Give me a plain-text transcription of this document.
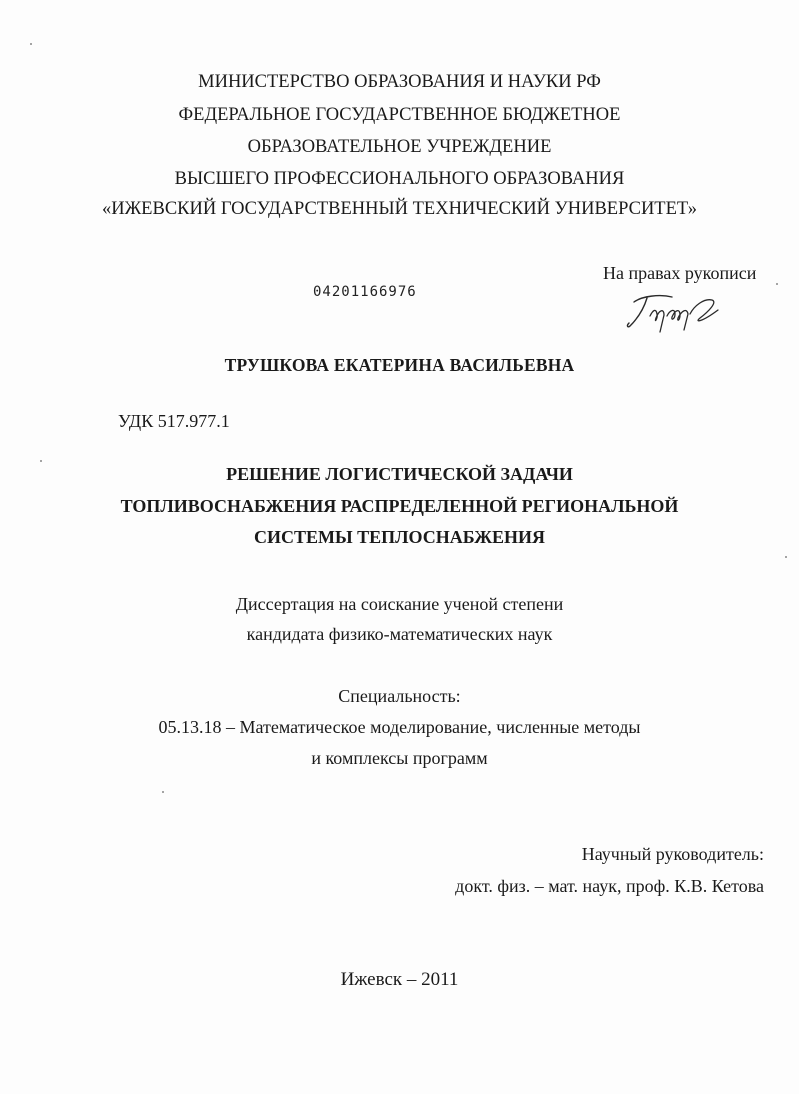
МИНИСТЕРСТВО ОБРАЗОВАНИЯ И НАУКИ РФ
ФЕДЕРАЛЬНОЕ ГОСУДАРСТВЕННОЕ БЮДЖЕТНОЕ
ОБРАЗОВАТЕЛЬНОЕ УЧРЕЖДЕНИЕ
ВЫСШЕГО ПРОФЕССИОНАЛЬНОГО ОБРАЗОВАНИЯ
«ИЖЕВСКИЙ ГОСУДАРСТВЕННЫЙ ТЕХНИЧЕСКИЙ УНИВЕРСИТЕТ»
На правах рукописи
04201166976
ТРУШКОВА ЕКАТЕРИНА ВАСИЛЬЕВНА
УДК 517.977.1
РЕШЕНИЕ ЛОГИСТИЧЕСКОЙ ЗАДАЧИ
ТОПЛИВОСНАБЖЕНИЯ РАСПРЕДЕЛЕННОЙ РЕГИОНАЛЬНОЙ
СИСТЕМЫ ТЕПЛОСНАБЖЕНИЯ
Диссертация на соискание ученой степени
кандидата физико-математических наук
Специальность:
05.13.18 – Математическое моделирование, численные методы
и комплексы программ
Научный руководитель:
докт. физ. – мат. наук, проф. К.В. Кетова
Ижевск – 2011
